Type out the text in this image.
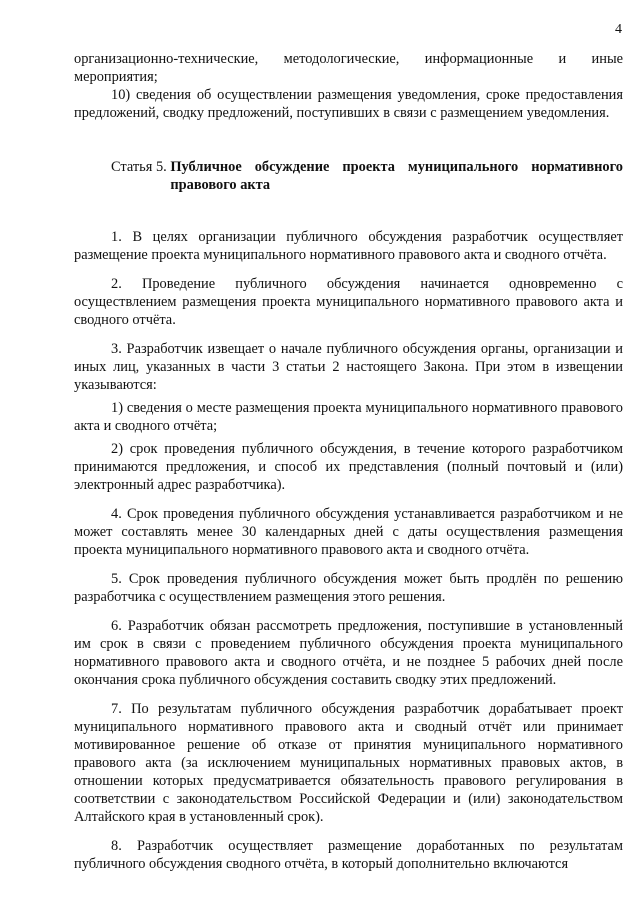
4

организационно-технические, методологические, информационные и иные мероприятия;

10) сведения об осуществлении размещения уведомления, сроке предоставления предложений, сводку предложений, поступивших в связи с размещением уведомления.

Статья 5. Публичное обсуждение проекта муниципального нормативного правового акта

1. В целях организации публичного обсуждения разработчик осуществляет размещение проекта муниципального нормативного правового акта и сводного отчёта.

2. Проведение публичного обсуждения начинается одновременно с осуществлением размещения проекта муниципального нормативного правового акта и сводного отчёта.

3. Разработчик извещает о начале публичного обсуждения органы, организации и иных лиц, указанных в части 3 статьи 2 настоящего Закона. При этом в извещении указываются:

1) сведения о месте размещения проекта муниципального нормативного правового акта и сводного отчёта;

2) срок проведения публичного обсуждения, в течение которого разработчиком принимаются предложения, и способ их представления (полный почтовый и (или) электронный адрес разработчика).

4. Срок проведения публичного обсуждения устанавливается разработчиком и не может составлять менее 30 календарных дней с даты осуществления размещения проекта муниципального нормативного правового акта и сводного отчёта.

5. Срок проведения публичного обсуждения может быть продлён по решению разработчика с осуществлением размещения этого решения.

6. Разработчик обязан рассмотреть предложения, поступившие в установленный им срок в связи с проведением публичного обсуждения проекта муниципального нормативного правового акта и сводного отчёта, и не позднее 5 рабочих дней после окончания срока публичного обсуждения составить сводку этих предложений.

7. По результатам публичного обсуждения разработчик дорабатывает проект муниципального нормативного правового акта и сводный отчёт или принимает мотивированное решение об отказе от принятия муниципального нормативного правового акта (за исключением муниципальных нормативных правовых актов, в отношении которых предусматривается обязательность правового регулирования в соответствии с законодательством Российской Федерации и (или) законодательством Алтайского края в установленный срок).

8. Разработчик осуществляет размещение доработанных по результатам публичного обсуждения сводного отчёта, в который дополнительно включаются
